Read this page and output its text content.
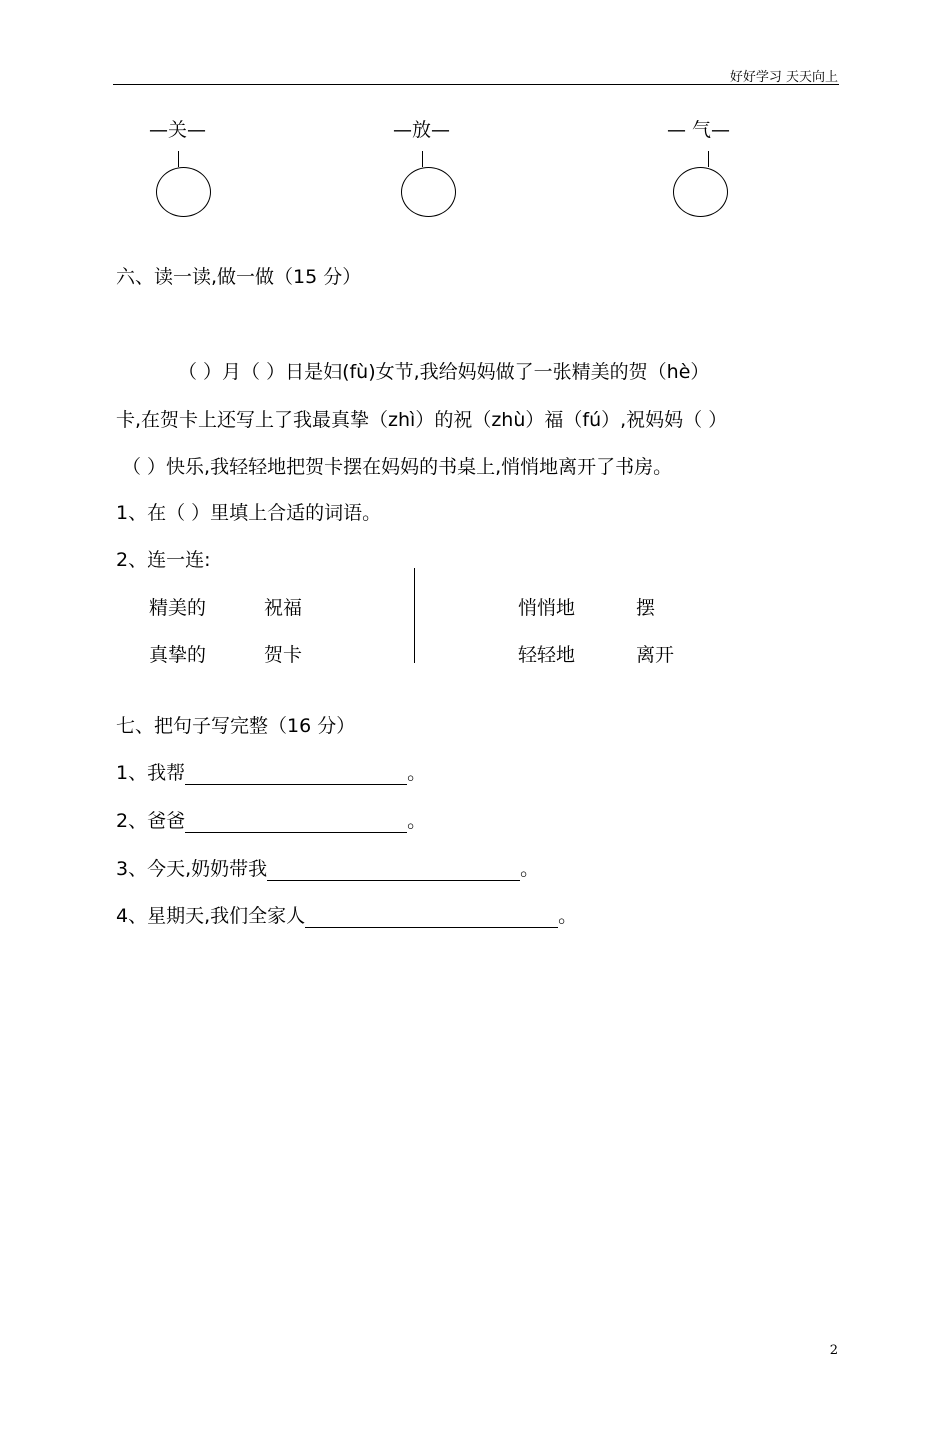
好好学习 天天向上
—关—	—放—	— 气—
六、读一读,做一做（15 分）
（ ）月（ ）日是妇(fù)女节,我给妈妈做了一张精美的贺（hè）
卡,在贺卡上还写上了我最真挚（zhì）的祝（zhù）福（fú）,祝妈妈（ ）
（ ）快乐,我轻轻地把贺卡摆在妈妈的书桌上,悄悄地离开了书房。
1、在（ ）里填上合适的词语。
2、连一连:
精美的	祝福
真挚的	贺卡
悄悄地	摆
轻轻地	离开
七、把句子写完整（16 分）
1、我帮	。
2、爸爸	。
3、今天,奶奶带我	。
4、星期天,我们全家人	。
2
